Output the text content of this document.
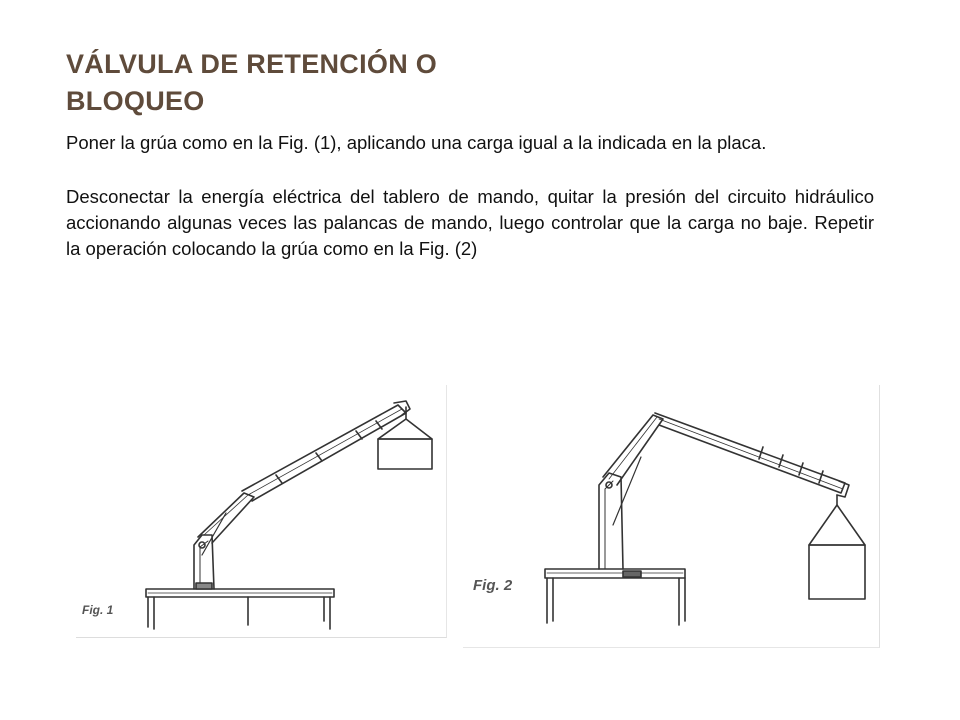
VÁLVULA DE RETENCIÓN O
BLOQUEO

Poner la grúa como en la Fig. (1), aplicando una carga igual a la indicada en la placa.

Desconectar la energía eléctrica del tablero de mando, quitar la presión del circuito hidráulico accionando algunas veces las palancas de mando, luego controlar que la carga no baje. Repetir la operación colocando la grúa como en la Fig. (2)

Fig. 1
Fig. 2
